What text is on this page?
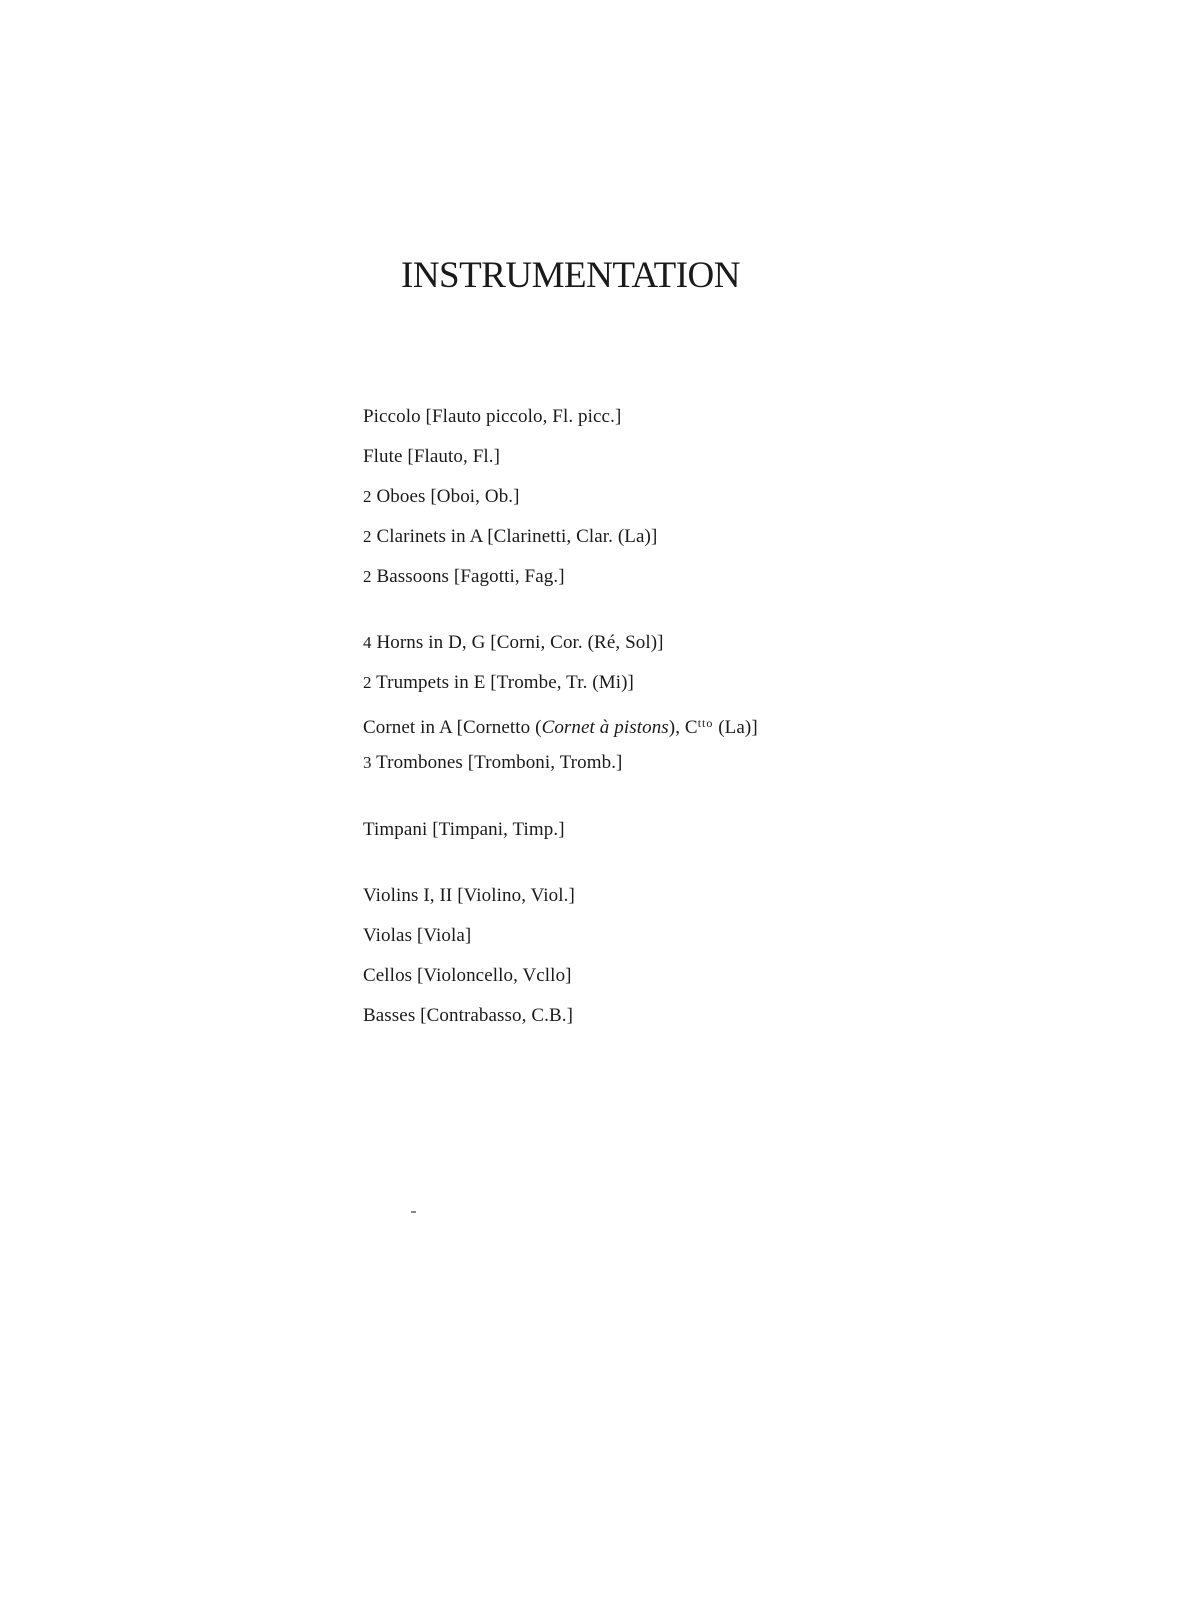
INSTRUMENTATION
Piccolo [Flauto piccolo, Fl. picc.]
Flute [Flauto, Fl.]
2 Oboes [Oboi, Ob.]
2 Clarinets in A [Clarinetti, Clar. (La)]
2 Bassoons [Fagotti, Fag.]
4 Horns in D, G [Corni, Cor. (Ré, Sol)]
2 Trumpets in E [Trombe, Tr. (Mi)]
Cornet in A [Cornetto (Cornet à pistons), $C^{tto}$ (La)]
3 Trombones [Tromboni, Tromb.]
Timpani [Timpani, Timp.]
Violins I, II [Violino, Viol.]
Violas [Viola]
Cellos [Violoncello, Vcllo]
Basses [Contrabasso, C.B.]
